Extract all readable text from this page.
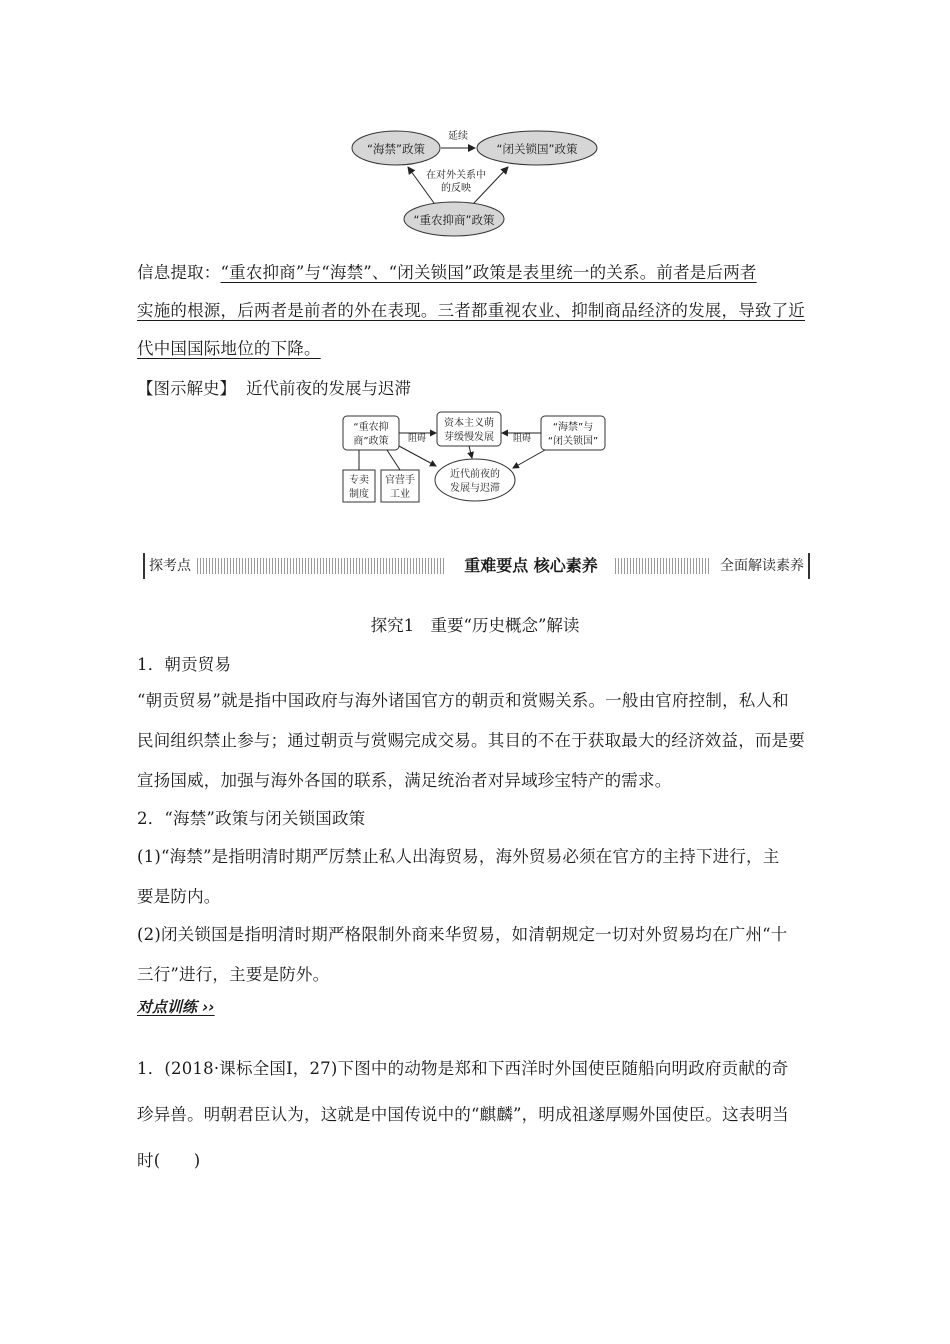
“海禁”政策	“闭关锁国”政策
“重农抑商”政策
延续
在对外关系中
的反映
信息提取：“重农抑商”与“海禁”、“闭关锁国”政策是表里统一的关系。前者是后两者
实施的根源，后两者是前者的外在表现。三者都重视农业、抑制商品经济的发展，导致了近
代中国国际地位的下降。
【图示解史】 近代前夜的发展与迟滞
“重农抑
商”政策
资本主义萌
芽缓慢发展
“海禁”与
“闭关锁国”
阻碍	阻碍
专卖
制度
官营手
工业
近代前夜的
发展与迟滞
探考点	重难要点 核心素养	全面解读素养
探究1　重要“历史概念”解读
1．朝贡贸易
“朝贡贸易”就是指中国政府与海外诸国官方的朝贡和赏赐关系。一般由官府控制，私人和
民间组织禁止参与；通过朝贡与赏赐完成交易。其目的不在于获取最大的经济效益，而是要
宣扬国威，加强与海外各国的联系，满足统治者对异域珍宝特产的需求。
2．“海禁”政策与闭关锁国政策
(1)“海禁”是指明清时期严厉禁止私人出海贸易，海外贸易必须在官方的主持下进行，主
要是防内。
(2)闭关锁国是指明清时期严格限制外商来华贸易，如清朝规定一切对外贸易均在广州“十
三行”进行，主要是防外。
对点训练 ››
1．(2018·课标全国Ⅰ，27)下图中的动物是郑和下西洋时外国使臣随船向明政府贡献的奇
珍异兽。明朝君臣认为，这就是中国传说中的“麒麟”，明成祖遂厚赐外国使臣。这表明当
时(　　)
